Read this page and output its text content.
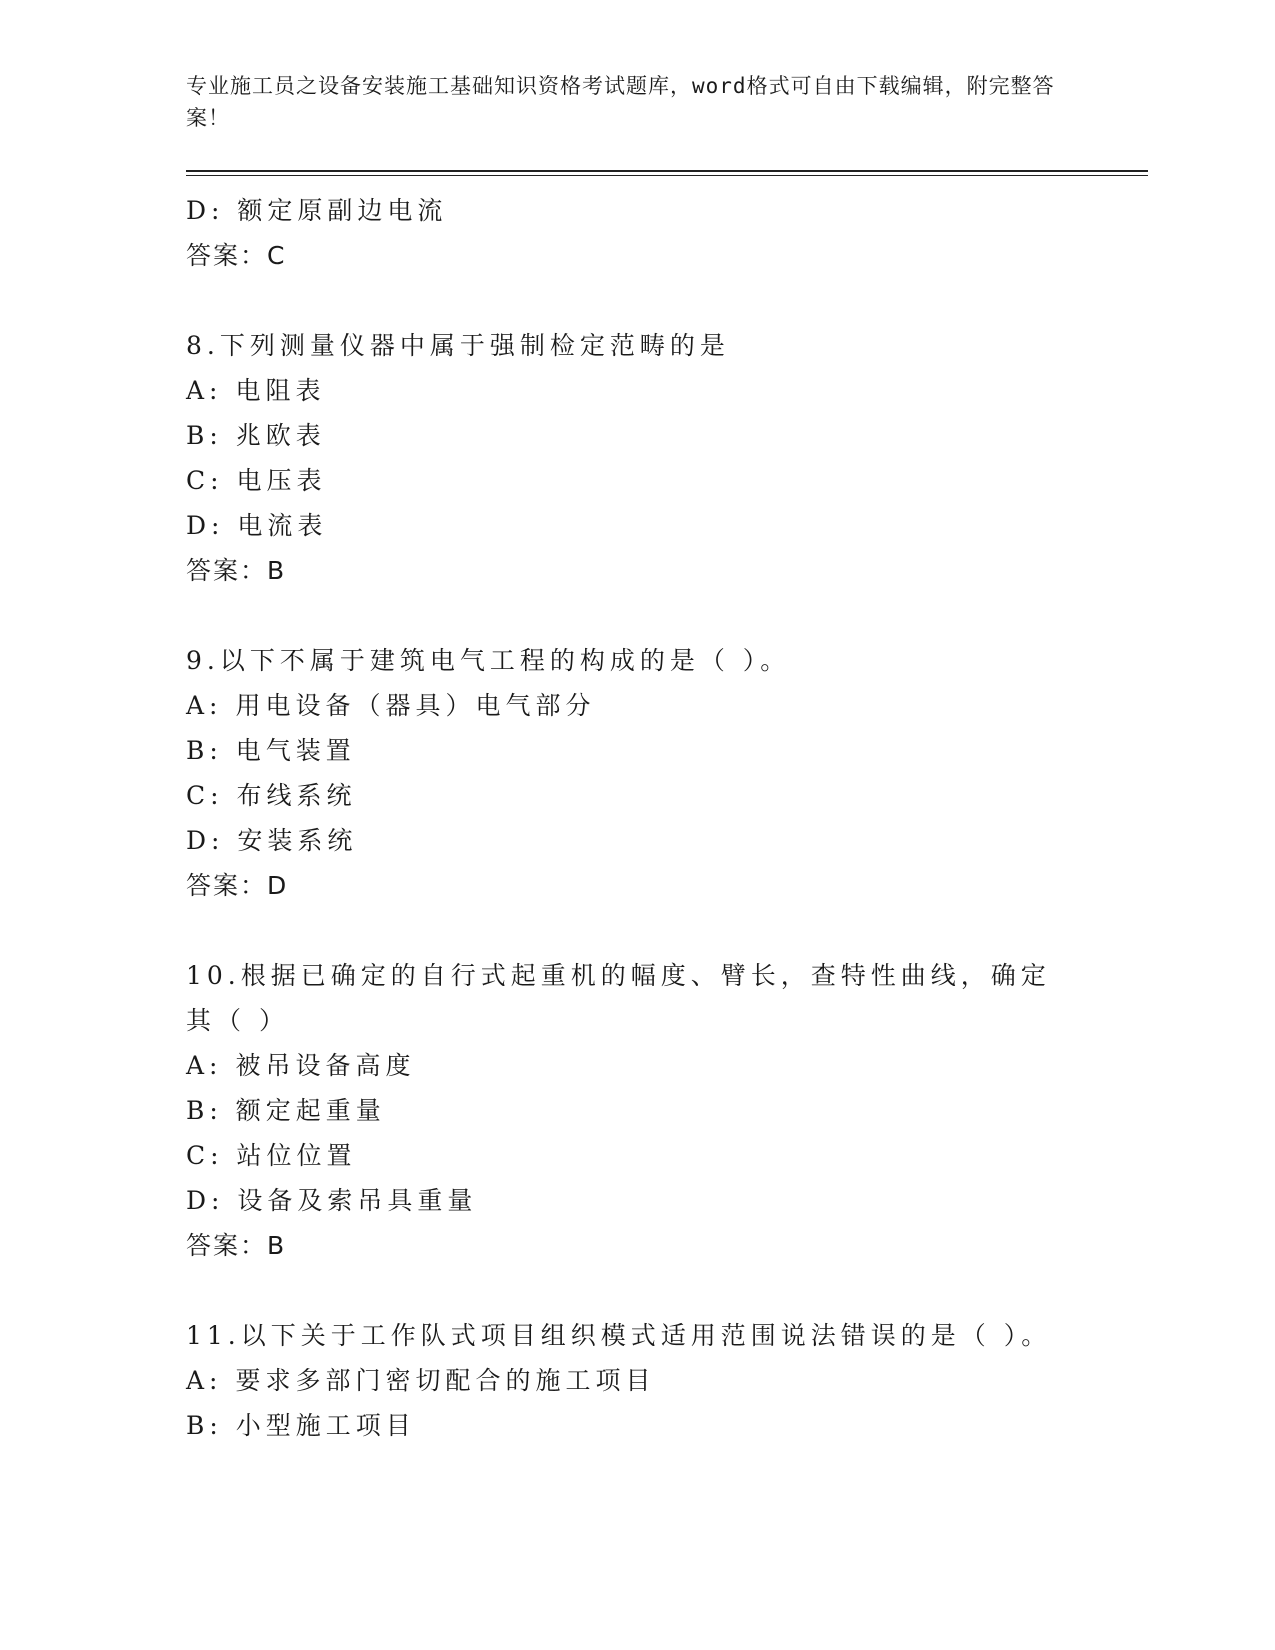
专业施工员之设备安装施工基础知识资格考试题库，word格式可自由下载编辑，附完整答案！
D: 额定原副边电流
答案：C
8.下列测量仪器中属于强制检定范畴的是
A: 电阻表
B: 兆欧表
C: 电压表
D: 电流表
答案：B
9.以下不属于建筑电气工程的构成的是（ ）。
A: 用电设备（器具）电气部分
B: 电气装置
C: 布线系统
D: 安装系统
答案：D
10.根据已确定的自行式起重机的幅度、臂长，查特性曲线，确定其（ ）
A: 被吊设备高度
B: 额定起重量
C: 站位位置
D: 设备及索吊具重量
答案：B
11.以下关于工作队式项目组织模式适用范围说法错误的是（ ）。
A: 要求多部门密切配合的施工项目
B: 小型施工项目
